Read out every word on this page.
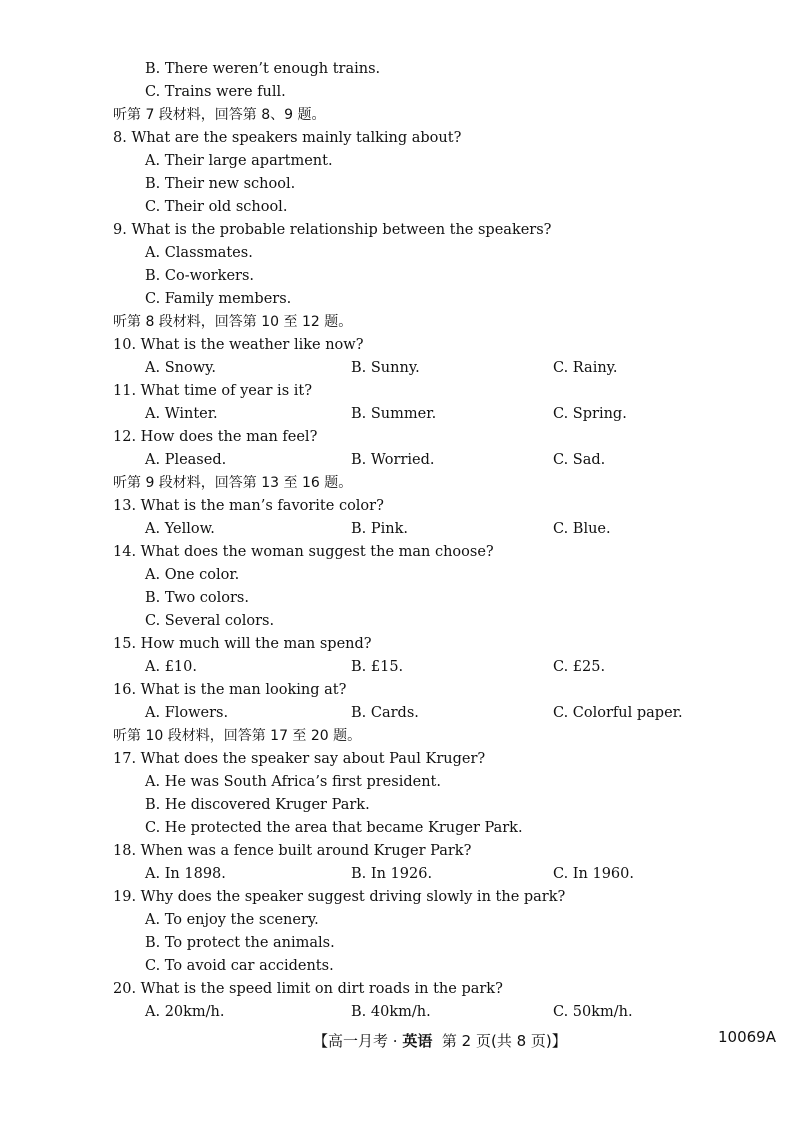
B. There weren’t enough trains.
C. Trains were full.
听第 7 段材料，回答第 8、9 题。
8. What are the speakers mainly talking about?
A. Their large apartment.
B. Their new school.
C. Their old school.
9. What is the probable relationship between the speakers?
A. Classmates.
B. Co-workers.
C. Family members.
听第 8 段材料，回答第 10 至 12 题。
10. What is the weather like now?
A. Snowy.	B. Sunny.	C. Rainy.
11. What time of year is it?
A. Winter.	B. Summer.	C. Spring.
12. How does the man feel?
A. Pleased.	B. Worried.	C. Sad.
听第 9 段材料，回答第 13 至 16 题。
13. What is the man’s favorite color?
A. Yellow.	B. Pink.	C. Blue.
14. What does the woman suggest the man choose?
A. One color.
B. Two colors.
C. Several colors.
15. How much will the man spend?
A. £10.	B. £15.	C. £25.
16. What is the man looking at?
A. Flowers.	B. Cards.	C. Colorful paper.
听第 10 段材料，回答第 17 至 20 题。
17. What does the speaker say about Paul Kruger?
A. He was South Africa’s first president.
B. He discovered Kruger Park.
C. He protected the area that became Kruger Park.
18. When was a fence built around Kruger Park?
A. In 1898.	B. In 1926.	C. In 1960.
19. Why does the speaker suggest driving slowly in the park?
A. To enjoy the scenery.
B. To protect the animals.
C. To avoid car accidents.
20. What is the speed limit on dirt roads in the park?
A. 20km/h.	B. 40km/h.	C. 50km/h.
【高一月考 · 英语 第 2 页(共 8 页)】	10069A
